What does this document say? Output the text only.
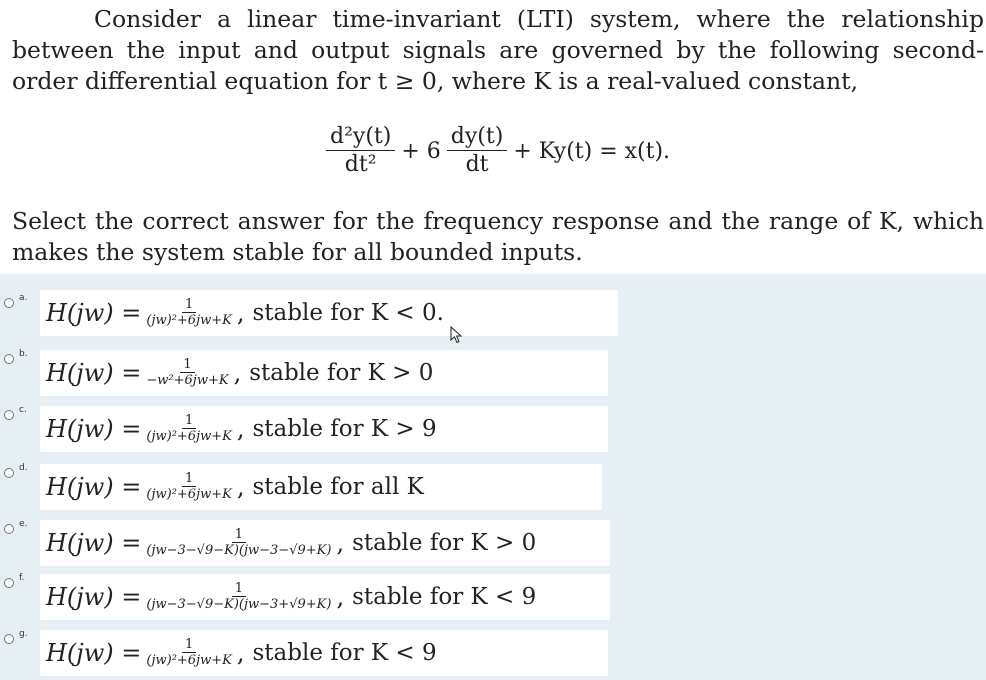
Consider a linear time-invariant (LTI) system, where the relationship between the input and output signals are governed by the following second-order differential equation for t ≥ 0, where K is a real-valued constant,

$\frac{\text{d²y(t)}}{\text{dt²}} + 6 \frac{dy(t)}{dt} + Ky(t) = x(t)$.
Select the correct answer for the frequency response and the range of K, which makes the system stable for all bounded inputs.
a.
$H(jw) = \frac{1}{\text{(jw)²+6jw+K}}$ , stable for K < 0.
b.
$H(jw) = \frac{1}{\text{−w²+6jw+K}}$ , stable for K > 0
c.
$H(jw) = \frac{1}{\text{(jw)²+6jw+K}}$ , stable for K > 9
d.
$H(jw) = \frac{1}{\text{(jw)²+6jw+K}}$ , stable for all K
e.
$H(jw) = \frac{1}{(jw-3-√9-K)(jw-3-√9+K)}$ , stable for K > 0
f.
$H(jw) = \frac{1}{(jw-3-√9-K)(jw-3+√9+K)}$ , stable for K < 9
g.
$H(jw) = \frac{1}{\text{(jw)²+6jw+K}}$ , stable for K < 9
